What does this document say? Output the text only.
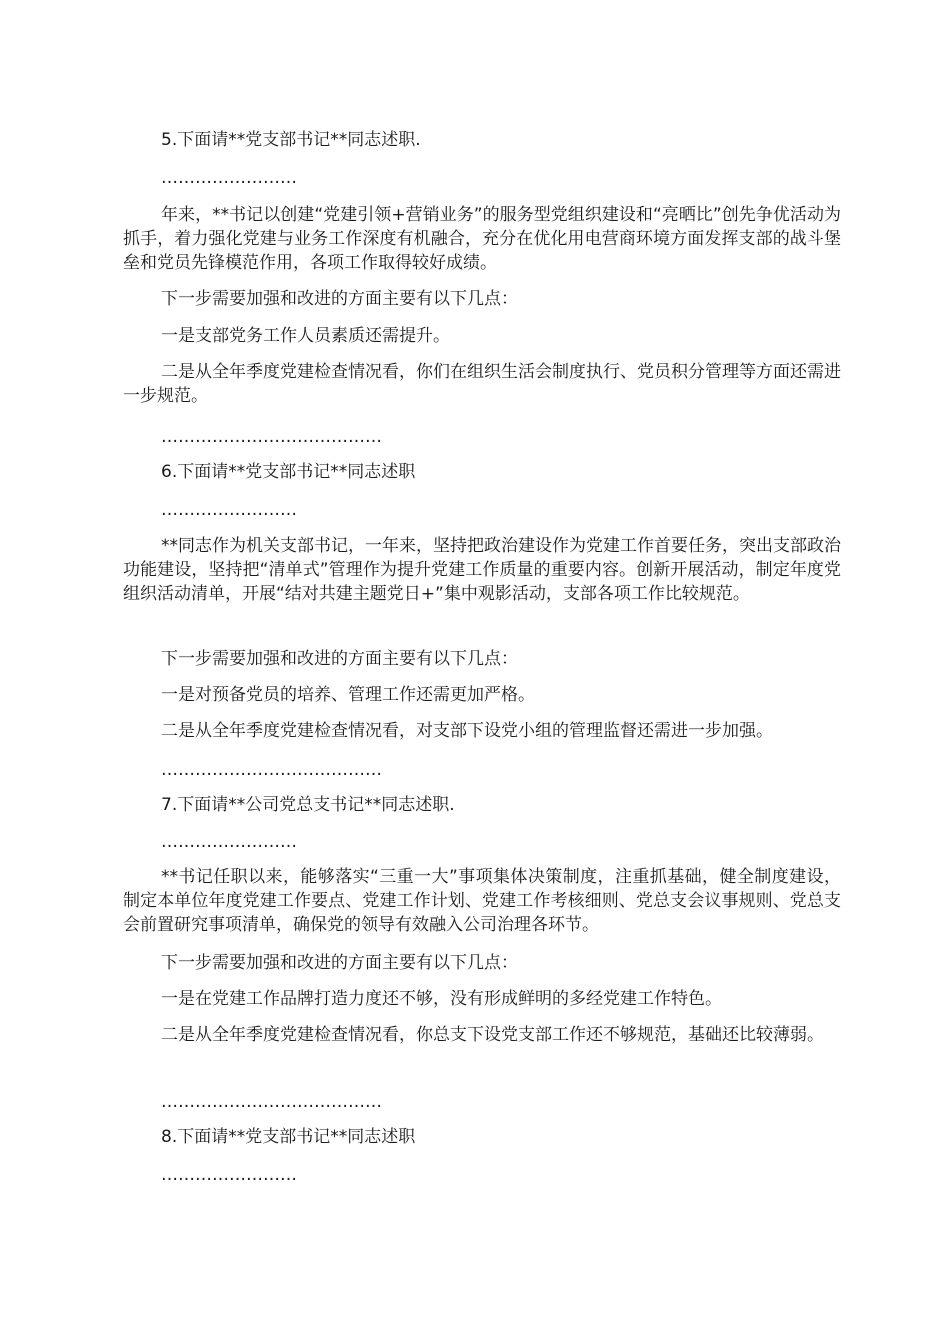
5.下面请**党支部书记**同志述职.

……………………

年来，**书记以创建“党建引领+营销业务”的服务型党组织建设和“亮晒比”创先争优活动为抓手，着力强化党建与业务工作深度有机融合，充分在优化用电营商环境方面发挥支部的战斗堡垒和党员先锋模范作用，各项工作取得较好成绩。

下一步需要加强和改进的方面主要有以下几点：

一是支部党务工作人员素质还需提升。

二是从全年季度党建检查情况看，你们在组织生活会制度执行、党员积分管理等方面还需进一步规范。

…………………………………

6.下面请**党支部书记**同志述职

……………………

**同志作为机关支部书记，一年来，坚持把政治建设作为党建工作首要任务，突出支部政治功能建设，坚持把“清单式”管理作为提升党建工作质量的重要内容。创新开展活动，制定年度党组织活动清单，开展“结对共建主题党日+”集中观影活动，支部各项工作比较规范。

下一步需要加强和改进的方面主要有以下几点：

一是对预备党员的培养、管理工作还需更加严格。

二是从全年季度党建检查情况看，对支部下设党小组的管理监督还需进一步加强。

…………………………………

7.下面请**公司党总支书记**同志述职.

……………………

**书记任职以来，能够落实“三重一大”事项集体决策制度，注重抓基础，健全制度建设，制定本单位年度党建工作要点、党建工作计划、党建工作考核细则、党总支会议事规则、党总支会前置研究事项清单，确保党的领导有效融入公司治理各环节。

下一步需要加强和改进的方面主要有以下几点：

一是在党建工作品牌打造力度还不够，没有形成鲜明的多经党建工作特色。

二是从全年季度党建检查情况看，你总支下设党支部工作还不够规范，基础还比较薄弱。

…………………………………

8.下面请**党支部书记**同志述职

……………………
